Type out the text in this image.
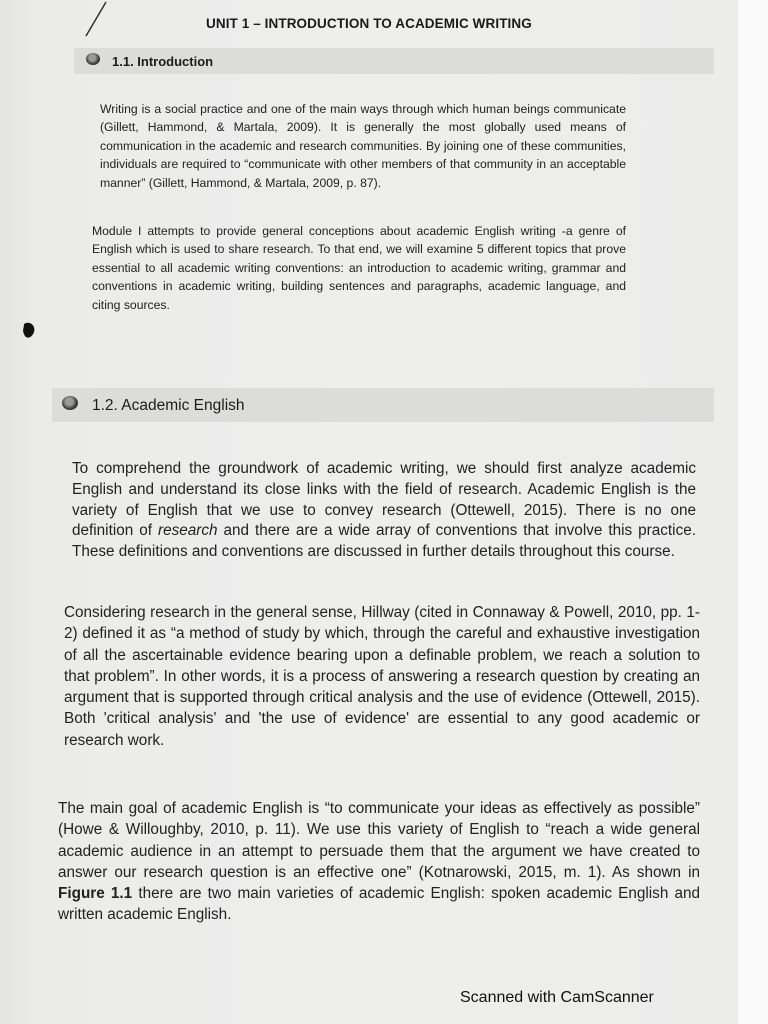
UNIT 1 – INTRODUCTION TO ACADEMIC WRITING
1.1. Introduction

Writing is a social practice and one of the main ways through which human beings communicate (Gillett, Hammond, & Martala, 2009). It is generally the most globally used means of communication in the academic and research communities. By joining one of these communities, individuals are required to “communicate with other members of that community in an acceptable manner” (Gillett, Hammond, & Martala, 2009, p. 87).

Module I attempts to provide general conceptions about academic English writing -a genre of English which is used to share research. To that end, we will examine 5 different topics that prove essential to all academic writing conventions: an introduction to academic writing, grammar and conventions in academic writing, building sentences and paragraphs, academic language, and citing sources.

1.2. Academic English

To comprehend the groundwork of academic writing, we should first analyze academic English and understand its close links with the field of research. Academic English is the variety of English that we use to convey research (Ottewell, 2015). There is no one definition of research and there are a wide array of conventions that involve this practice. These definitions and conventions are discussed in further details throughout this course.

Considering research in the general sense, Hillway (cited in Connaway & Powell, 2010, pp. 1-2) defined it as “a method of study by which, through the careful and exhaustive investigation of all the ascertainable evidence bearing upon a definable problem, we reach a solution to that problem”. In other words, it is a process of answering a research question by creating an argument that is supported through critical analysis and the use of evidence (Ottewell, 2015). Both 'critical analysis' and 'the use of evidence' are essential to any good academic or research work.

The main goal of academic English is “to communicate your ideas as effectively as possible” (Howe & Willoughby, 2010, p. 11). We use this variety of English to “reach a wide general academic audience in an attempt to persuade them that the argument we have created to answer our research question is an effective one” (Kotnarowski, 2015, m. 1). As shown in Figure 1.1 there are two main varieties of academic English: spoken academic English and written academic English.

Scanned with CamScanner
